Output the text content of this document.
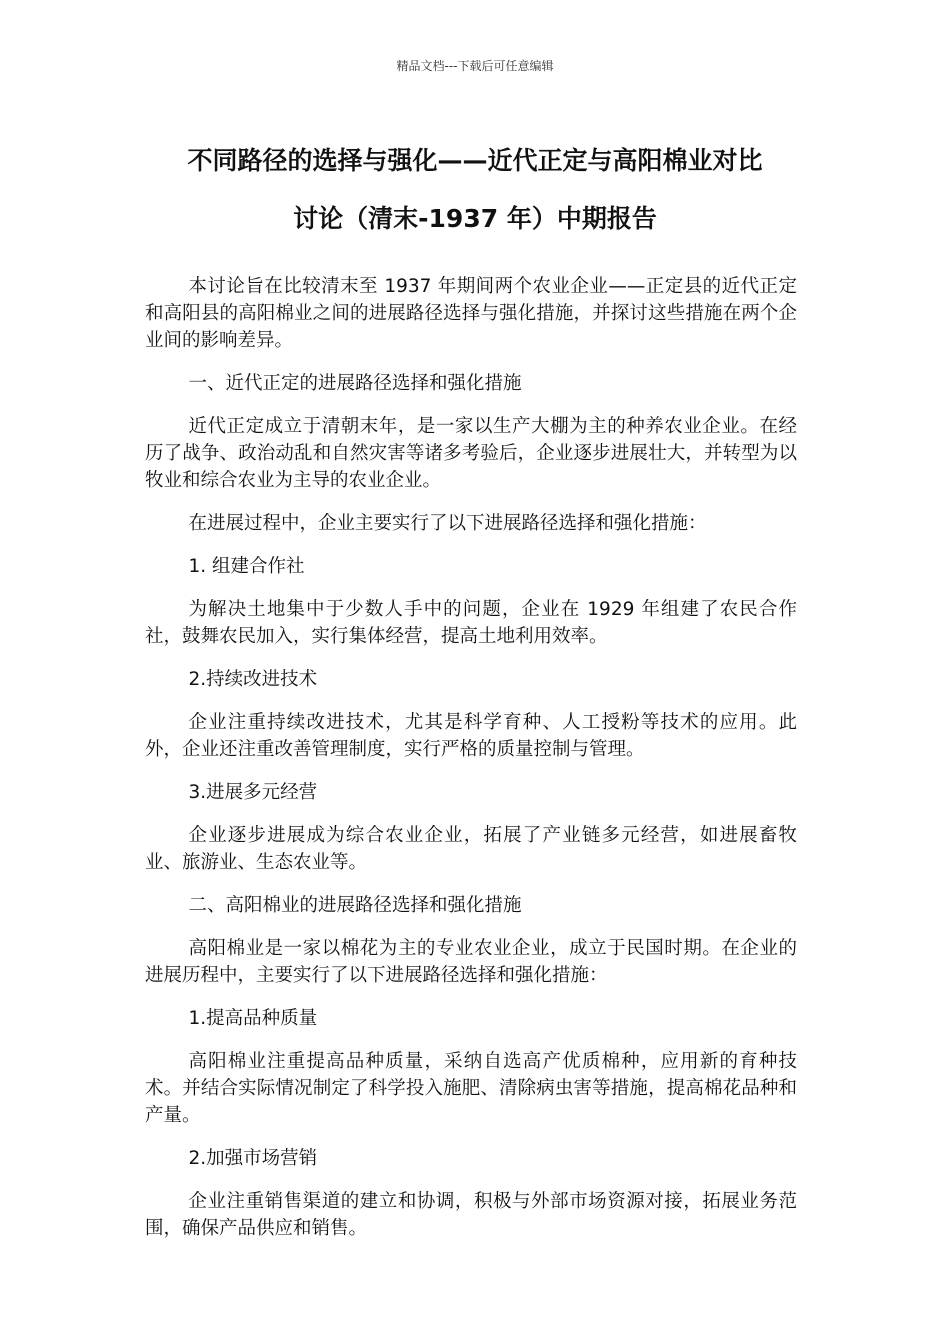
精品文档---下载后可任意编辑
不同路径的选择与强化——近代正定与高阳棉业对比
讨论（清末-1937 年）中期报告

本讨论旨在比较清末至 1937 年期间两个农业企业——正定县的近代正定和高阳县的高阳棉业之间的进展路径选择与强化措施，并探讨这些措施在两个企业间的影响差异。

一、近代正定的进展路径选择和强化措施

近代正定成立于清朝末年，是一家以生产大棚为主的种养农业企业。在经历了战争、政治动乱和自然灾害等诸多考验后，企业逐步进展壮大，并转型为以牧业和综合农业为主导的农业企业。

在进展过程中，企业主要实行了以下进展路径选择和强化措施：

1. 组建合作社

为解决土地集中于少数人手中的问题，企业在 1929 年组建了农民合作社，鼓舞农民加入，实行集体经营，提高土地利用效率。

2.持续改进技术

企业注重持续改进技术，尤其是科学育种、人工授粉等技术的应用。此外，企业还注重改善管理制度，实行严格的质量控制与管理。

3.进展多元经营

企业逐步进展成为综合农业企业，拓展了产业链多元经营，如进展畜牧业、旅游业、生态农业等。

二、高阳棉业的进展路径选择和强化措施

高阳棉业是一家以棉花为主的专业农业企业，成立于民国时期。在企业的进展历程中，主要实行了以下进展路径选择和强化措施：

1.提高品种质量

高阳棉业注重提高品种质量，采纳自选高产优质棉种，应用新的育种技术。并结合实际情况制定了科学投入施肥、清除病虫害等措施，提高棉花品种和产量。

2.加强市场营销

企业注重销售渠道的建立和协调，积极与外部市场资源对接，拓展业务范围，确保产品供应和销售。
